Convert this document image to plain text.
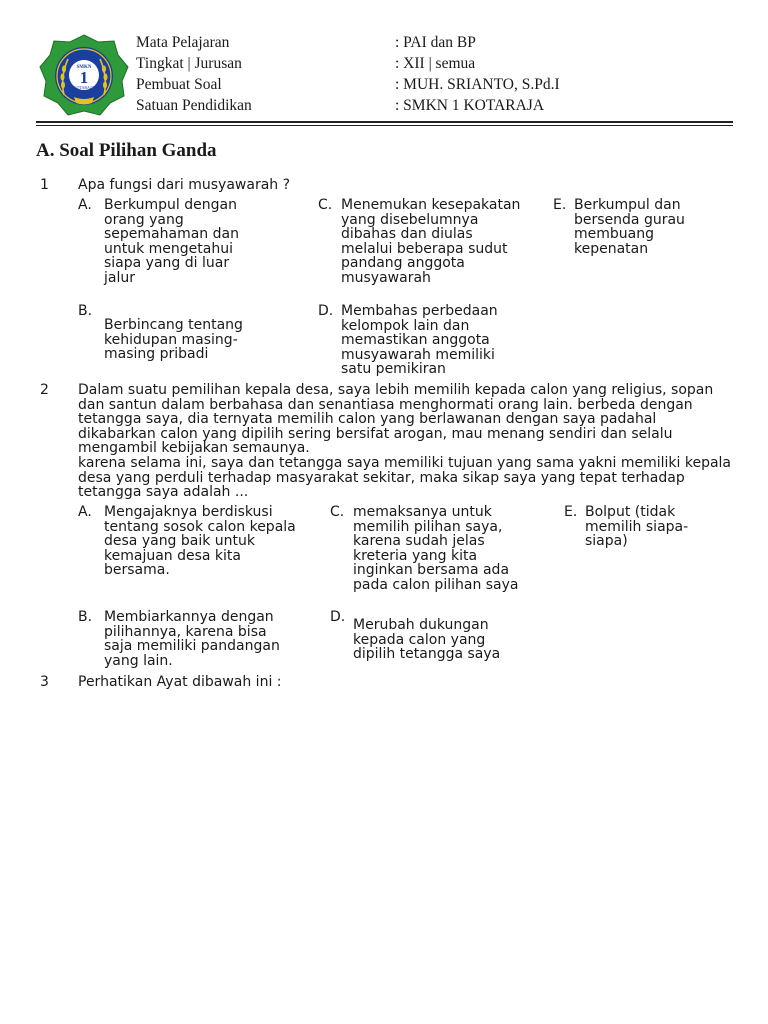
SMKN
1
KOTARAJA
Mata Pelajaran	: PAI dan BP
Tingkat | Jurusan	: XII | semua
Pembuat Soal	: MUH. SRIANTO, S.Pd.I
Satuan Pendidikan	: SMKN 1 KOTARAJA
A. Soal Pilihan Ganda
1 Apa fungsi dari musyawarah ?
A. Berkumpul dengan orang yang sepemahaman dan untuk mengetahui siapa yang di luar jalur
B.
Berbincang tentang kehidupan masing-masing pribadi
C. Menemukan kesepakatan yang disebelumnya dibahas dan diulas melalui beberapa sudut pandang anggota musyawarah
D. Membahas perbedaan kelompok lain dan memastikan anggota musyawarah memiliki satu pemikiran
E. Berkumpul dan bersenda gurau membuang kepenatan
2 Dalam suatu pemilihan kepala desa, saya lebih memilih kepada calon yang religius, sopan dan santun dalam berbahasa dan senantiasa menghormati orang lain. berbeda dengan tetangga saya, dia ternyata memilih calon yang berlawanan dengan saya padahal dikabarkan calon yang dipilih sering bersifat arogan, mau menang sendiri dan selalu mengambil kebijakan semaunya.
karena selama ini, saya dan tetangga saya memiliki tujuan yang sama yakni memiliki kepala desa yang perduli terhadap masyarakat sekitar, maka sikap saya yang tepat terhadap tetangga saya adalah ...
A. Mengajaknya berdiskusi tentang sosok calon kepala desa yang baik untuk kemajuan desa kita bersama.
B. Membiarkannya dengan pilihannya, karena bisa saja memiliki pandangan yang lain.
C. memaksanya untuk memilih pilihan saya, karena sudah jelas kreteria yang kita inginkan bersama ada pada calon pilihan saya
D. Merubah dukungan kepada calon yang dipilih tetangga saya
E. Bolput (tidak memilih siapa-siapa)
3 Perhatikan Ayat dibawah ini :
